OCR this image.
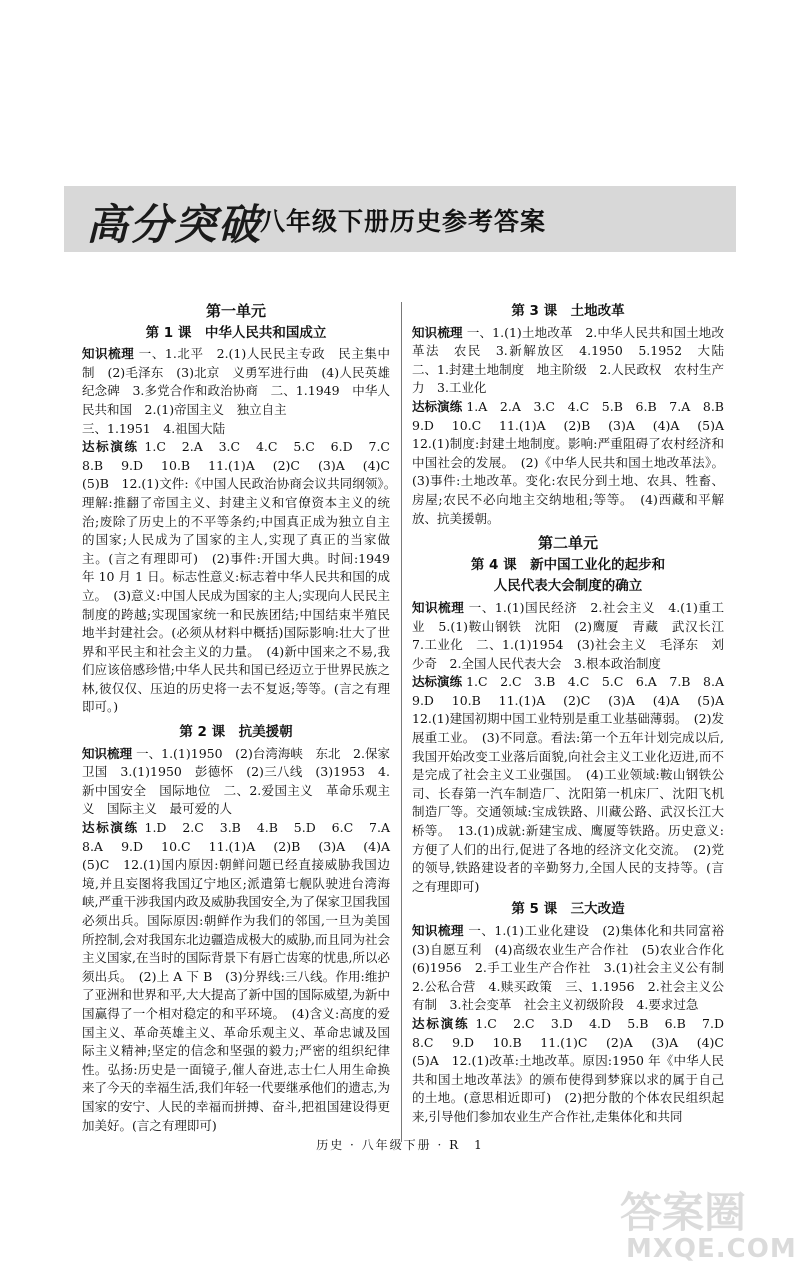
高分突破
八年级下册历史参考答案
第一单元
第 1 课　中华人民共和国成立

知识梳理 一、1.北平　2.(1)人民民主专政　民主集中制　(2)毛泽东　(3)北京　义勇军进行曲　(4)人民英雄纪念碑　3.多党合作和政治协商　二、1.1949　中华人民共和国　2.(1)帝国主义　独立自主

三、1.1951　4.祖国大陆

达标演练 1.C　2.A　3.C　4.C　5.C　6.D　7.C　8.B　9.D　10.B　11.(1)A　(2)C　(3)A　(4)C　(5)B　12.(1)文件:《中国人民政治协商会议共同纲领》。　理解:推翻了帝国主义、封建主义和官僚资本主义的统治;废除了历史上的不平等条约;中国真正成为独立自主的国家;人民成为了国家的主人,实现了真正的当家做主。(言之有理即可)　(2)事件:开国大典。时间:1949 年 10 月 1 日。标志性意义:标志着中华人民共和国的成立。　(3)意义:中国人民成为国家的主人;实现向人民民主制度的跨越;实现国家统一和民族团结;中国结束半殖民地半封建社会。(必须从材料中概括)国际影响:壮大了世界和平民主和社会主义的力量。　(4)新中国来之不易,我们应该倍感珍惜;中华人民共和国已经迈立于世界民族之林,彼仅仅、压迫的历史将一去不复返;等等。(言之有理即可。)

第 2 课　抗美援朝

知识梳理 一、1.(1)1950　(2)台湾海峡　东北　2.保家卫国　3.(1)1950　彭德怀　(2)三八线　(3)1953　4.新中国安全　国际地位　二、2.爱国主义　革命乐观主义　国际主义　最可爱的人

达标演练 1.D　2.C　3.B　4.B　5.D　6.C　7.A　8.A　9.D　10.C　11.(1)A　(2)B　(3)A　(4)A　(5)C　12.(1)国内原因:朝鲜问题已经直接威胁我国边境,并且妄图将我国辽宁地区;派遣第七舰队驶进台湾海峡,严重干涉我国内政及威胁我国安全,为了保家卫国我国必须出兵。国际原因:朝鲜作为我们的邻国,一旦为美国所控制,会对我国东北边疆造成极大的威胁,而且同为社会主义国家,在当时的国际背景下有唇亡齿寒的忧患,所以必须出兵。　(2)上 A 下 B　(3)分界线:三八线。作用:维护了亚洲和世界和平,大大提高了新中国的国际威望,为新中国赢得了一个相对稳定的和平环境。　(4)含义:高度的爱国主义、革命英雄主义、革命乐观主义、革命忠诚及国际主义精神;坚定的信念和坚强的毅力;严密的组织纪律性。弘扬:历史是一面镜子,催人奋进,志士仁人用生命换来了今天的幸福生活,我们年轻一代要继承他们的遗志,为国家的安宁、人民的幸福而拼搏、奋斗,把祖国建设得更加美好。(言之有理即可)

第 3 课　土地改革

知识梳理 一、1.(1)土地改革　2.中华人民共和国土地改革法　农民　3.新解放区　4.1950　5.1952　大陆　二、1.封建土地制度　地主阶级　2.人民政权　农村生产力　3.工业化

达标演练 1.A　2.A　3.C　4.C　5.B　6.B　7.A　8.B　9.D　10.C　11.(1)A　(2)B　(3)A　(4)A　(5)A　12.(1)制度:封建土地制度。影响:严重阻碍了农村经济和中国社会的发展。　(2)《中华人民共和国土地改革法》。(3)事件:土地改革。变化:农民分到土地、农具、牲畜、房屋;农民不必向地主交纳地租;等等。　(4)西藏和平解放、抗美援朝。

第二单元
第 4 课　新中国工业化的起步和
人民代表大会制度的确立

知识梳理 一、1.(1)国民经济　2.社会主义　4.(1)重工业　5.(1)鞍山钢铁　沈阳　(2)鹰厦　青藏　武汉长江　7.工业化　二、1.(1)1954　(3)社会主义　毛泽东　刘少奇　2.全国人民代表大会　3.根本政治制度

达标演练 1.C　2.C　3.B　4.C　5.C　6.A　7.B　8.A　9.D　10.B　11.(1)A　(2)C　(3)A　(4)A　(5)A　12.(1)建国初期中国工业特别是重工业基础薄弱。　(2)发展重工业。　(3)不同意。看法:第一个五年计划完成以后,我国开始改变工业落后面貌,向社会主义工业化迈进,而不是完成了社会主义工业强国。　(4)工业领域:鞍山钢铁公司、长春第一汽车制造厂、沈阳第一机床厂、沈阳飞机制造厂等。交通领域:宝成铁路、川藏公路、武汉长江大桥等。　13.(1)成就:新建宝成、鹰厦等铁路。历史意义:方便了人们的出行,促进了各地的经济文化交流。　(2)党的领导,铁路建设者的辛勤努力,全国人民的支持等。(言之有理即可)

第 5 课　三大改造

知识梳理 一、1.(1)工业化建设　(2)集体化和共同富裕　(3)自愿互利　(4)高级农业生产合作社　(5)农业合作化　(6)1956　2.手工业生产合作社　3.(1)社会主义公有制　2.公私合营　4.赎买政策　三、1.1956　2.社会主义公有制　3.社会变革　社会主义初级阶段　4.要求过急

达标演练 1.C　2.C　3.D　4.D　5.B　6.B　7.D　8.C　9.D　10.B　11.(1)C　(2)A　(3)A　(4)C　(5)A　12.(1)改革:土地改革。原因:1950 年《中华人民共和国土地改革法》的颁布使得到梦寐以求的属于自己的土地。(意思相近即可)　(2)把分散的个体农民组织起来,引导他们参加农业生产合作社,走集体化和共同

历史 · 八年级下册 · R　1
答案圈
MXQE.COM
